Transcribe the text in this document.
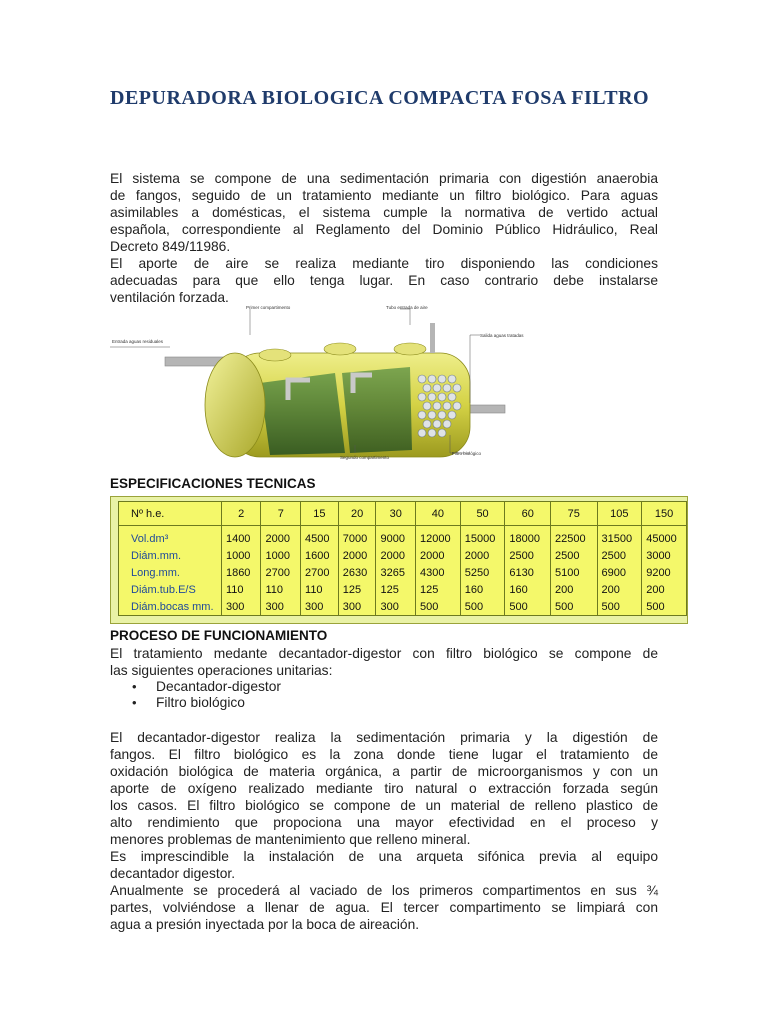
DEPURADORA BIOLOGICA COMPACTA FOSA FILTRO
El sistema se compone de una sedimentación primaria con digestión anaerobia
de fangos, seguido de un tratamiento mediante un filtro biológico. Para aguas
asimilables a domésticas, el sistema cumple la normativa de vertido actual
española, correspondiente al Reglamento del Dominio Público Hidráulico, Real
Decreto 849/11986.
El aporte de aire se realiza mediante tiro disponiendo las condiciones
adecuadas para que ello tenga lugar. En caso contrario debe instalarse
ventilación forzada.
Entrada aguas residuales
Primer compartimento	Tubo entrada de aire
Salida aguas tratadas
Segundo compartimento
Filtro biológico
ESPECIFICACIONES TECNICAS
Nº h.e.	2	7	15	20	30	40	50	60	75	105	150
Vol.dm³	1400	2000	4500	7000	9000	12000	15000	18000	22500	31500	45000
Diám.mm.	1000	1000	1600	2000	2000	2000	2000	2500	2500	2500	3000
Long.mm.	1860	2700	2700	2630	3265	4300	5250	6130	5100	6900	9200
Diám.tub.E/S	110	110	110	125	125	125	160	160	200	200	200
Diám.bocas mm.	300	300	300	300	300	500	500	500	500	500	500
PROCESO DE FUNCIONAMIENTO
El tratamiento medante decantador-digestor con filtro biológico se compone de
las siguientes operaciones unitarias:
• Decantador-digestor
• Filtro biológico
El decantador-digestor realiza la sedimentación primaria y la digestión de
fangos. El filtro biológico es la zona donde tiene lugar el tratamiento de
oxidación biológica de materia orgánica, a partir de microorganismos y con un
aporte de oxígeno realizado mediante tiro natural o extracción forzada según
los casos. El filtro biológico se compone de un material de relleno plastico de
alto rendimiento que propociona una mayor efectividad en el proceso y
menores problemas de mantenimiento que relleno mineral.
Es imprescindible la instalación de una arqueta sifónica previa al equipo
decantador digestor.
Anualmente se procederá al vaciado de los primeros compartimentos en sus ¾
partes, volviéndose a llenar de agua. El tercer compartimento se limpiará con
agua a presión inyectada por la boca de aireación.
